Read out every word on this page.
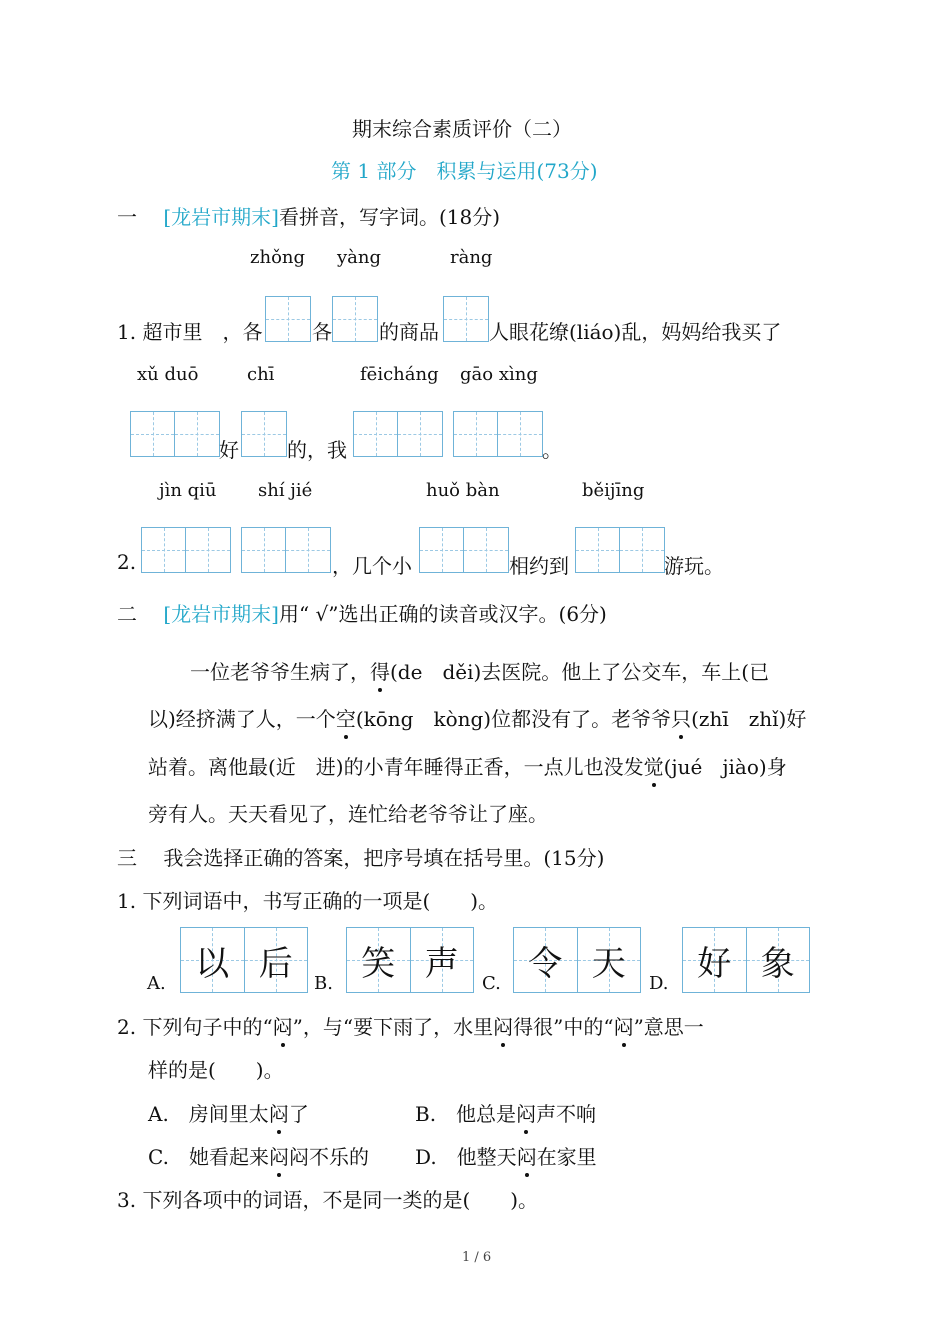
期末综合素质评价（二）
第 1 部分　积累与运用(73分)
一　 [龙岩市期末]看拼音，写字词。(18分)
zhǒng yàng	ràng
1. 超市里　，各 各 的商品	人眼花缭(liáo)乱，妈妈给我买了
xǔ duō	chī	fēicháng gāo xìng
好 的，我	。
jìn qiū shí jié	huǒ bàn	běijīng
2.	，几个小	相约到	游玩。
二　 [龙岩市期末]用“ √”选出正确的读音或汉字。(6分)
一位老爷爷生病了，得(de　děi)去医院。他上了公交车，车上(已
以)经挤满了人，一个空(kōng　kòng)位都没有了。老爷爷只(zhī　zhǐ)好
站着。离他最(近　进)的小青年睡得正香，一点儿也没发觉(jué　jiào)身
旁有人。天天看见了，连忙给老爷爷让了座。
三　 我会选择正确的答案，把序号填在括号里。(15分)
1. 下列词语中，书写正确的一项是(　　)。
A. 以 后 B. 笑 声 C. 令 天 D. 好 象
2. 下列句子中的“闷”，与“要下雨了，水里闷得很”中的“闷”意思一
样的是(　　)。
A.　房间里太闷了	B.　他总是闷声不响
C.　她看起来闷闷不乐的 D.　他整天闷在家里
3. 下列各项中的词语，不是同一类的是(　　)。
1 / 6
